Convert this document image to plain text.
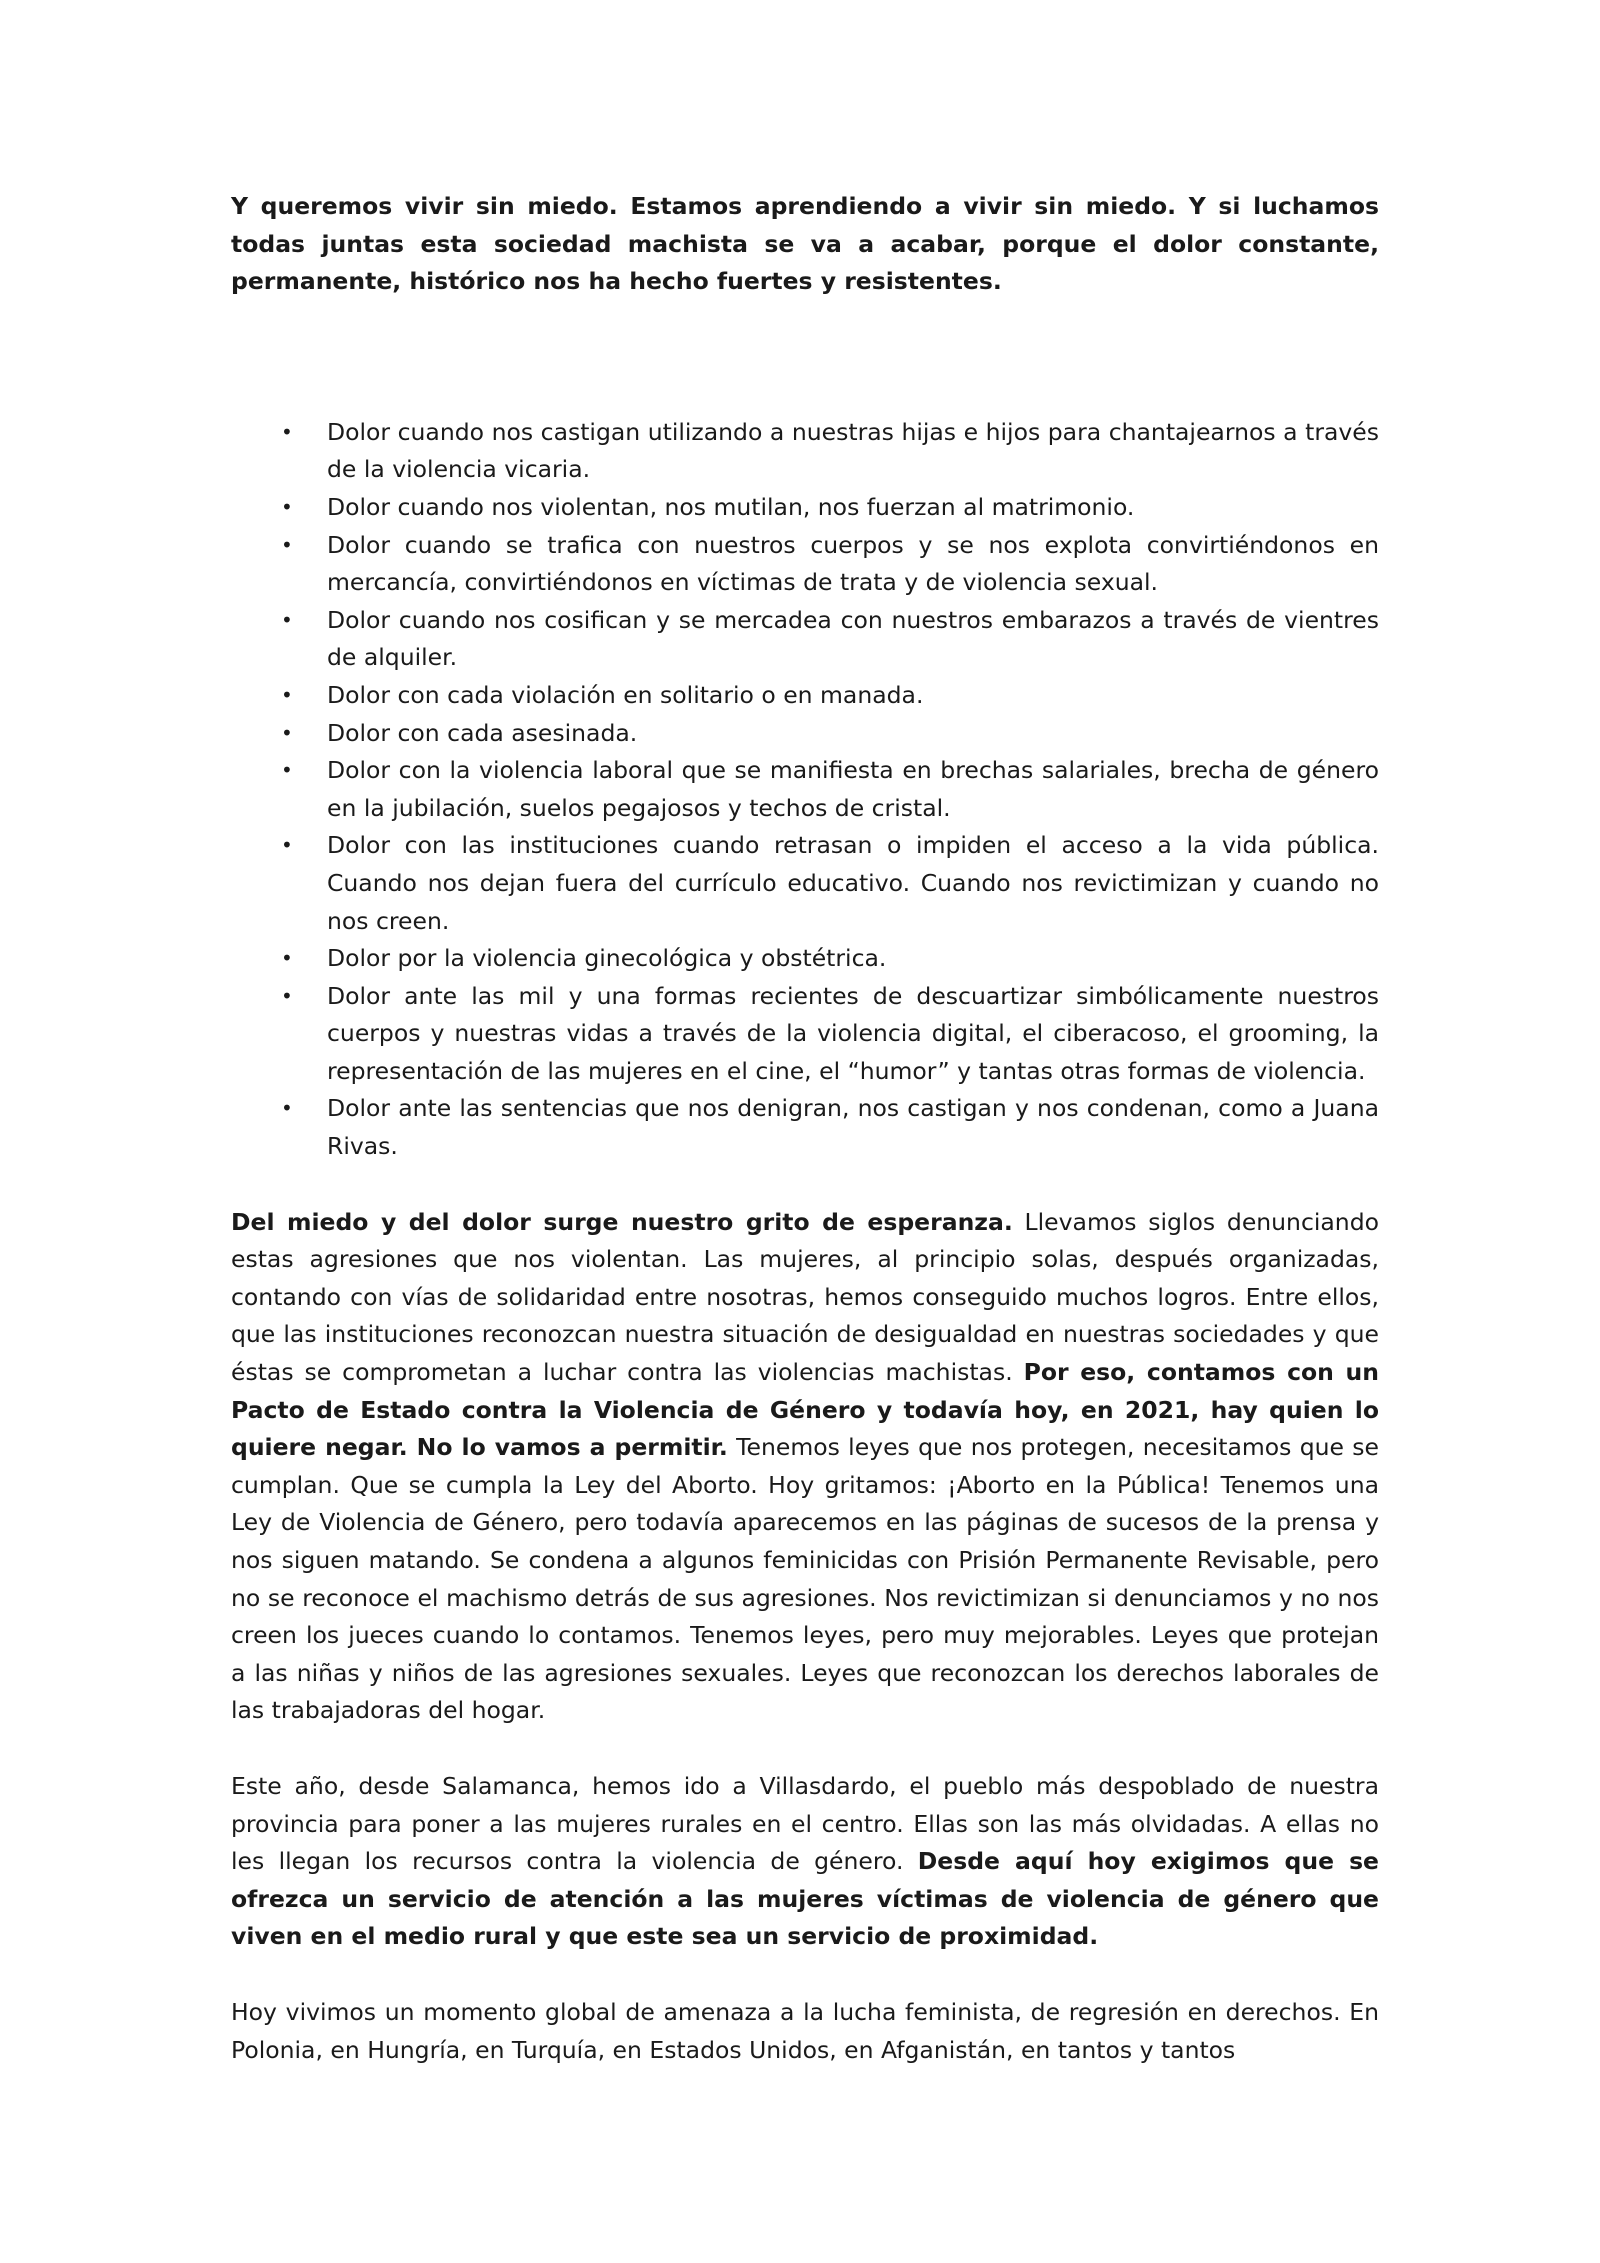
Y queremos vivir sin miedo. Estamos aprendiendo a vivir sin miedo. Y si luchamos todas juntas esta sociedad machista se va a acabar, porque el dolor constante, permanente, histórico nos ha hecho fuertes y resistentes.

• Dolor cuando nos castigan utilizando a nuestras hijas e hijos para chantajearnos a través de la violencia vicaria.
• Dolor cuando nos violentan, nos mutilan, nos fuerzan al matrimonio.
• Dolor cuando se trafica con nuestros cuerpos y se nos explota convirtiéndonos en mercancía, convirtiéndonos en víctimas de trata y de violencia sexual.
• Dolor cuando nos cosifican y se mercadea con nuestros embarazos a través de vientres de alquiler.
• Dolor con cada violación en solitario o en manada.
• Dolor con cada asesinada.
• Dolor con la violencia laboral que se manifiesta en brechas salariales, brecha de género en la jubilación, suelos pegajosos y techos de cristal.
• Dolor con las instituciones cuando retrasan o impiden el acceso a la vida pública. Cuando nos dejan fuera del currículo educativo. Cuando nos revictimizan y cuando no nos creen.
• Dolor por la violencia ginecológica y obstétrica.
• Dolor ante las mil y una formas recientes de descuartizar simbólicamente nuestros cuerpos y nuestras vidas a través de la violencia digital, el ciberacoso, el grooming, la representación de las mujeres en el cine, el “humor” y tantas otras formas de violencia.
• Dolor ante las sentencias que nos denigran, nos castigan y nos condenan, como a Juana Rivas.

Del miedo y del dolor surge nuestro grito de esperanza. Llevamos siglos denunciando estas agresiones que nos violentan. Las mujeres, al principio solas, después organizadas, contando con vías de solidaridad entre nosotras, hemos conseguido muchos logros. Entre ellos, que las instituciones reconozcan nuestra situación de desigualdad en nuestras sociedades y que éstas se comprometan a luchar contra las violencias machistas. Por eso, contamos con un Pacto de Estado contra la Violencia de Género y todavía hoy, en 2021, hay quien lo quiere negar. No lo vamos a permitir. Tenemos leyes que nos protegen, necesitamos que se cumplan. Que se cumpla la Ley del Aborto. Hoy gritamos: ¡Aborto en la Pública! Tenemos una Ley de Violencia de Género, pero todavía aparecemos en las páginas de sucesos de la prensa y nos siguen matando. Se condena a algunos feminicidas con Prisión Permanente Revisable, pero no se reconoce el machismo detrás de sus agresiones. Nos revictimizan si denunciamos y no nos creen los jueces cuando lo contamos. Tenemos leyes, pero muy mejorables. Leyes que protejan a las niñas y niños de las agresiones sexuales. Leyes que reconozcan los derechos laborales de las trabajadoras del hogar.

Este año, desde Salamanca, hemos ido a Villasdardo, el pueblo más despoblado de nuestra provincia para poner a las mujeres rurales en el centro. Ellas son las más olvidadas. A ellas no les llegan los recursos contra la violencia de género. Desde aquí hoy exigimos que se ofrezca un servicio de atención a las mujeres víctimas de violencia de género que viven en el medio rural y que este sea un servicio de proximidad.

Hoy vivimos un momento global de amenaza a la lucha feminista, de regresión en derechos. En Polonia, en Hungría, en Turquía, en Estados Unidos, en Afganistán, en tantos y tantos
